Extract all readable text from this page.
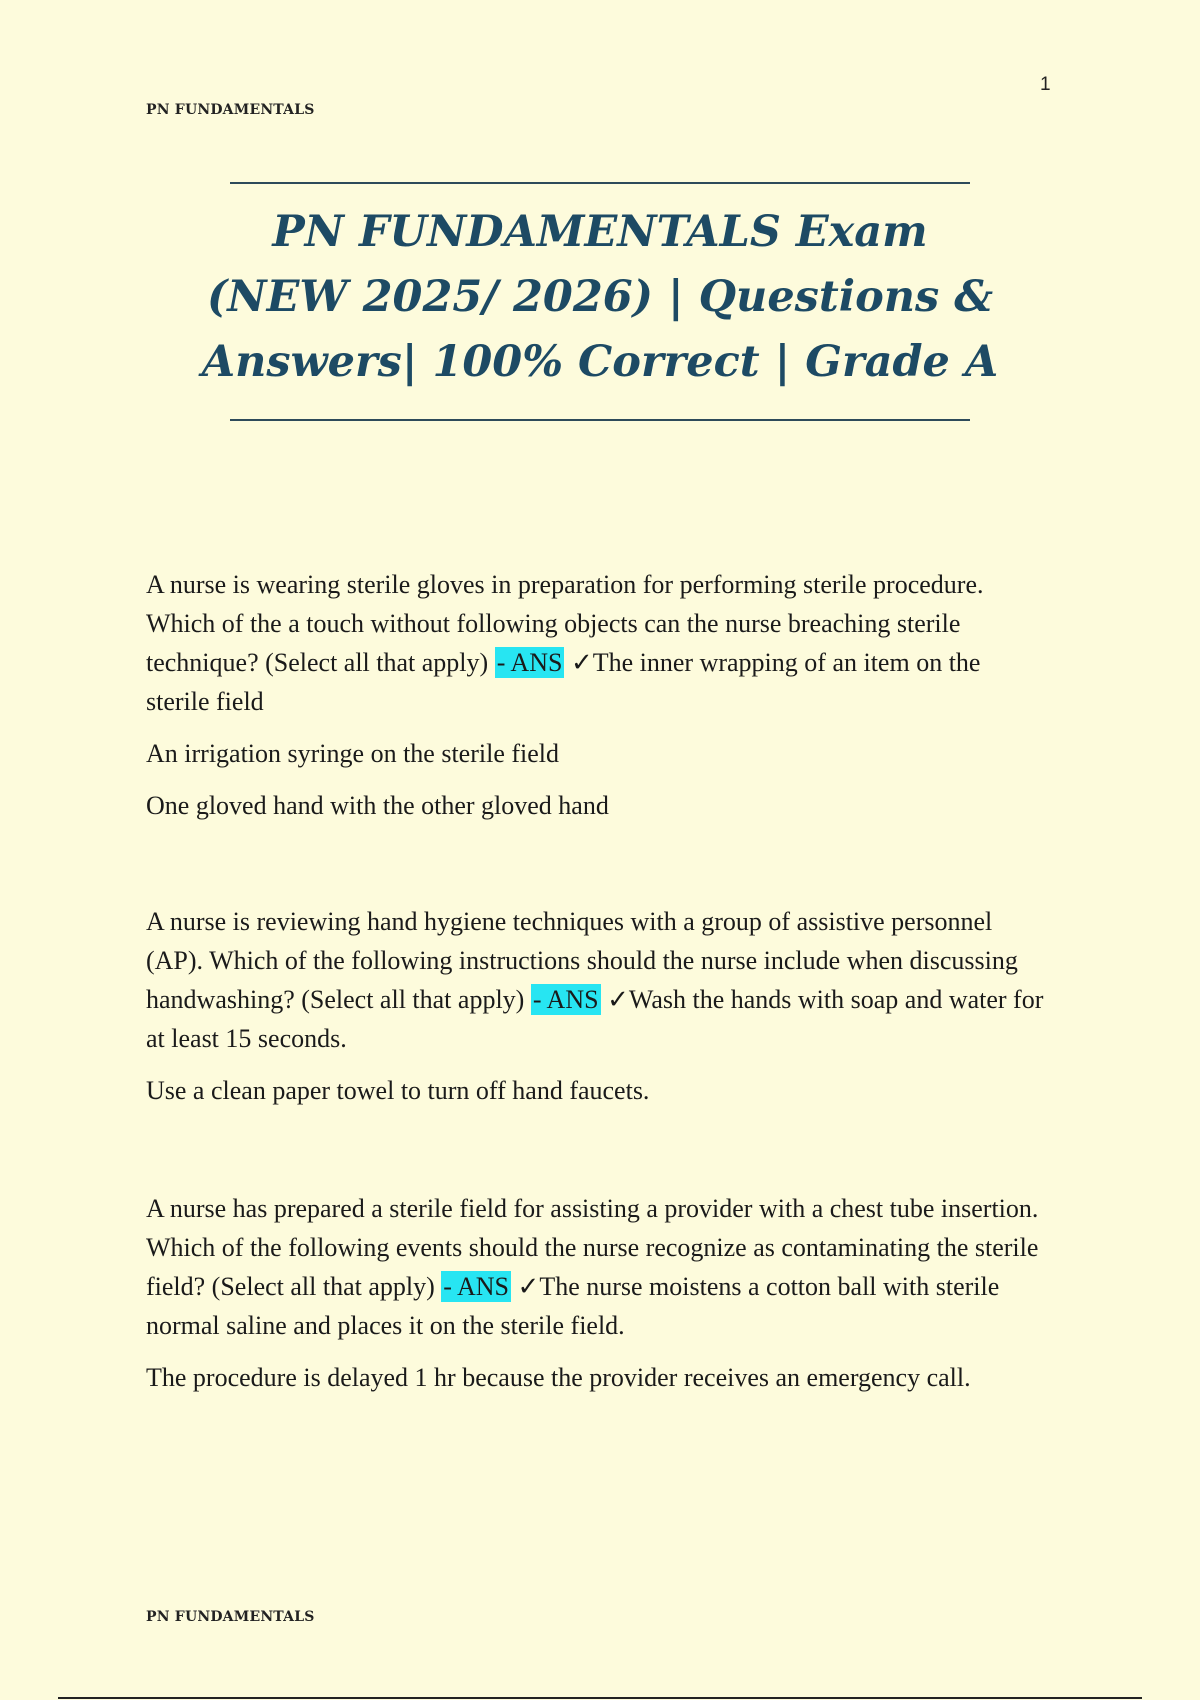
1
PN FUNDAMENTALS
PN FUNDAMENTALS Exam (NEW 2025/ 2026) | Questions & Answers| 100% Correct | Grade A

A nurse is wearing sterile gloves in preparation for performing sterile procedure. Which of the a touch without following objects can the nurse breaching sterile technique? (Select all that apply) - ANS ✓The inner wrapping of an item on the sterile field

An irrigation syringe on the sterile field

One gloved hand with the other gloved hand

A nurse is reviewing hand hygiene techniques with a group of assistive personnel (AP). Which of the following instructions should the nurse include when discussing handwashing? (Select all that apply) - ANS ✓Wash the hands with soap and water for at least 15 seconds.

Use a clean paper towel to turn off hand faucets.

A nurse has prepared a sterile field for assisting a provider with a chest tube insertion. Which of the following events should the nurse recognize as contaminating the sterile field? (Select all that apply) - ANS ✓The nurse moistens a cotton ball with sterile normal saline and places it on the sterile field.

The procedure is delayed 1 hr because the provider receives an emergency call.

PN FUNDAMENTALS
